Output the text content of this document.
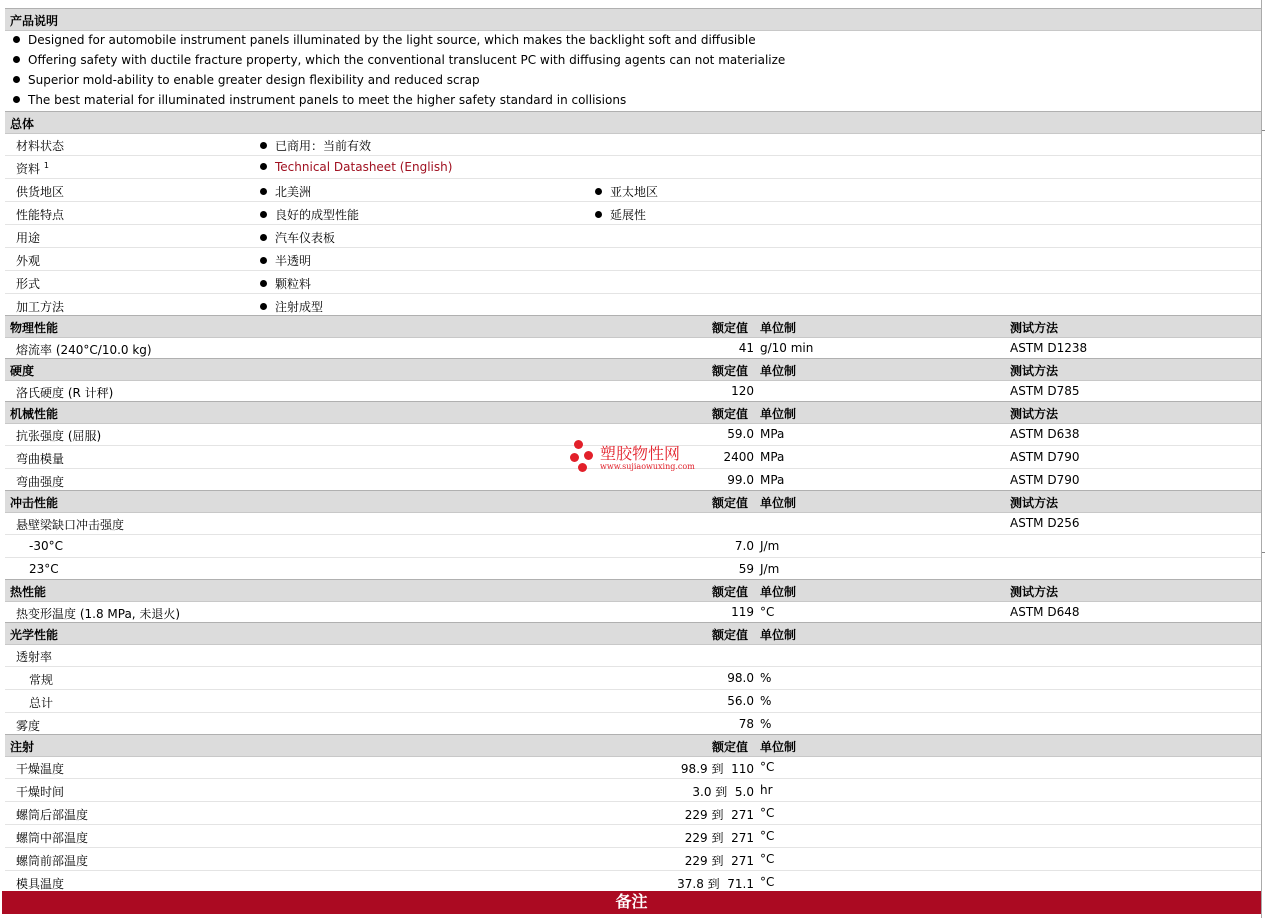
产品说明
Designed for automobile instrument panels illuminated by the light source, which makes the backlight soft and diffusible
Offering safety with ductile fracture property, which the conventional translucent PC with diffusing agents can not materialize
Superior mold-ability to enable greater design flexibility and reduced scrap
The best material for illuminated instrument panels to meet the higher safety standard in collisions
总体
材料状态	已商用：当前有效
资料 $^1$	Technical Datasheet (English)
供货地区	北美洲	亚太地区
性能特点	良好的成型性能	延展性
用途	汽车仪表板
外观	半透明
形式	颗粒料
加工方法	注射成型
物理性能	额定值 单位制	测试方法
熔流率 (240°C/10.0 kg)	41 g/10 min	ASTM D1238
硬度	额定值 单位制	测试方法
洛氏硬度 (R 计秤)	120	ASTM D785
机械性能	额定值 单位制	测试方法
抗张强度 (屈服)	59.0 MPa	ASTM D638
弯曲模量	2400 MPa	ASTM D790
弯曲强度	99.0 MPa	ASTM D790
冲击性能	额定值 单位制	测试方法
悬壁梁缺口冲击强度	ASTM D256
-30°C	7.0 J/m
23°C	59 J/m
热性能	额定值 单位制	测试方法
热变形温度 (1.8 MPa, 未退火)	119 °C	ASTM D648
光学性能	额定值 单位制
透射率
常规	98.0 %
总计	56.0 %
雾度	78 %
注射	额定值 单位制
干燥温度	98.9 到  110 °C
干燥时间	3.0 到  5.0 hr
螺筒后部温度	229 到  271 °C
螺筒中部温度	229 到  271 °C
螺筒前部温度	229 到  271 °C
模具温度	37.8 到  71.1 °C
备注
塑胶物性网
www.sujiaowuxing.com
